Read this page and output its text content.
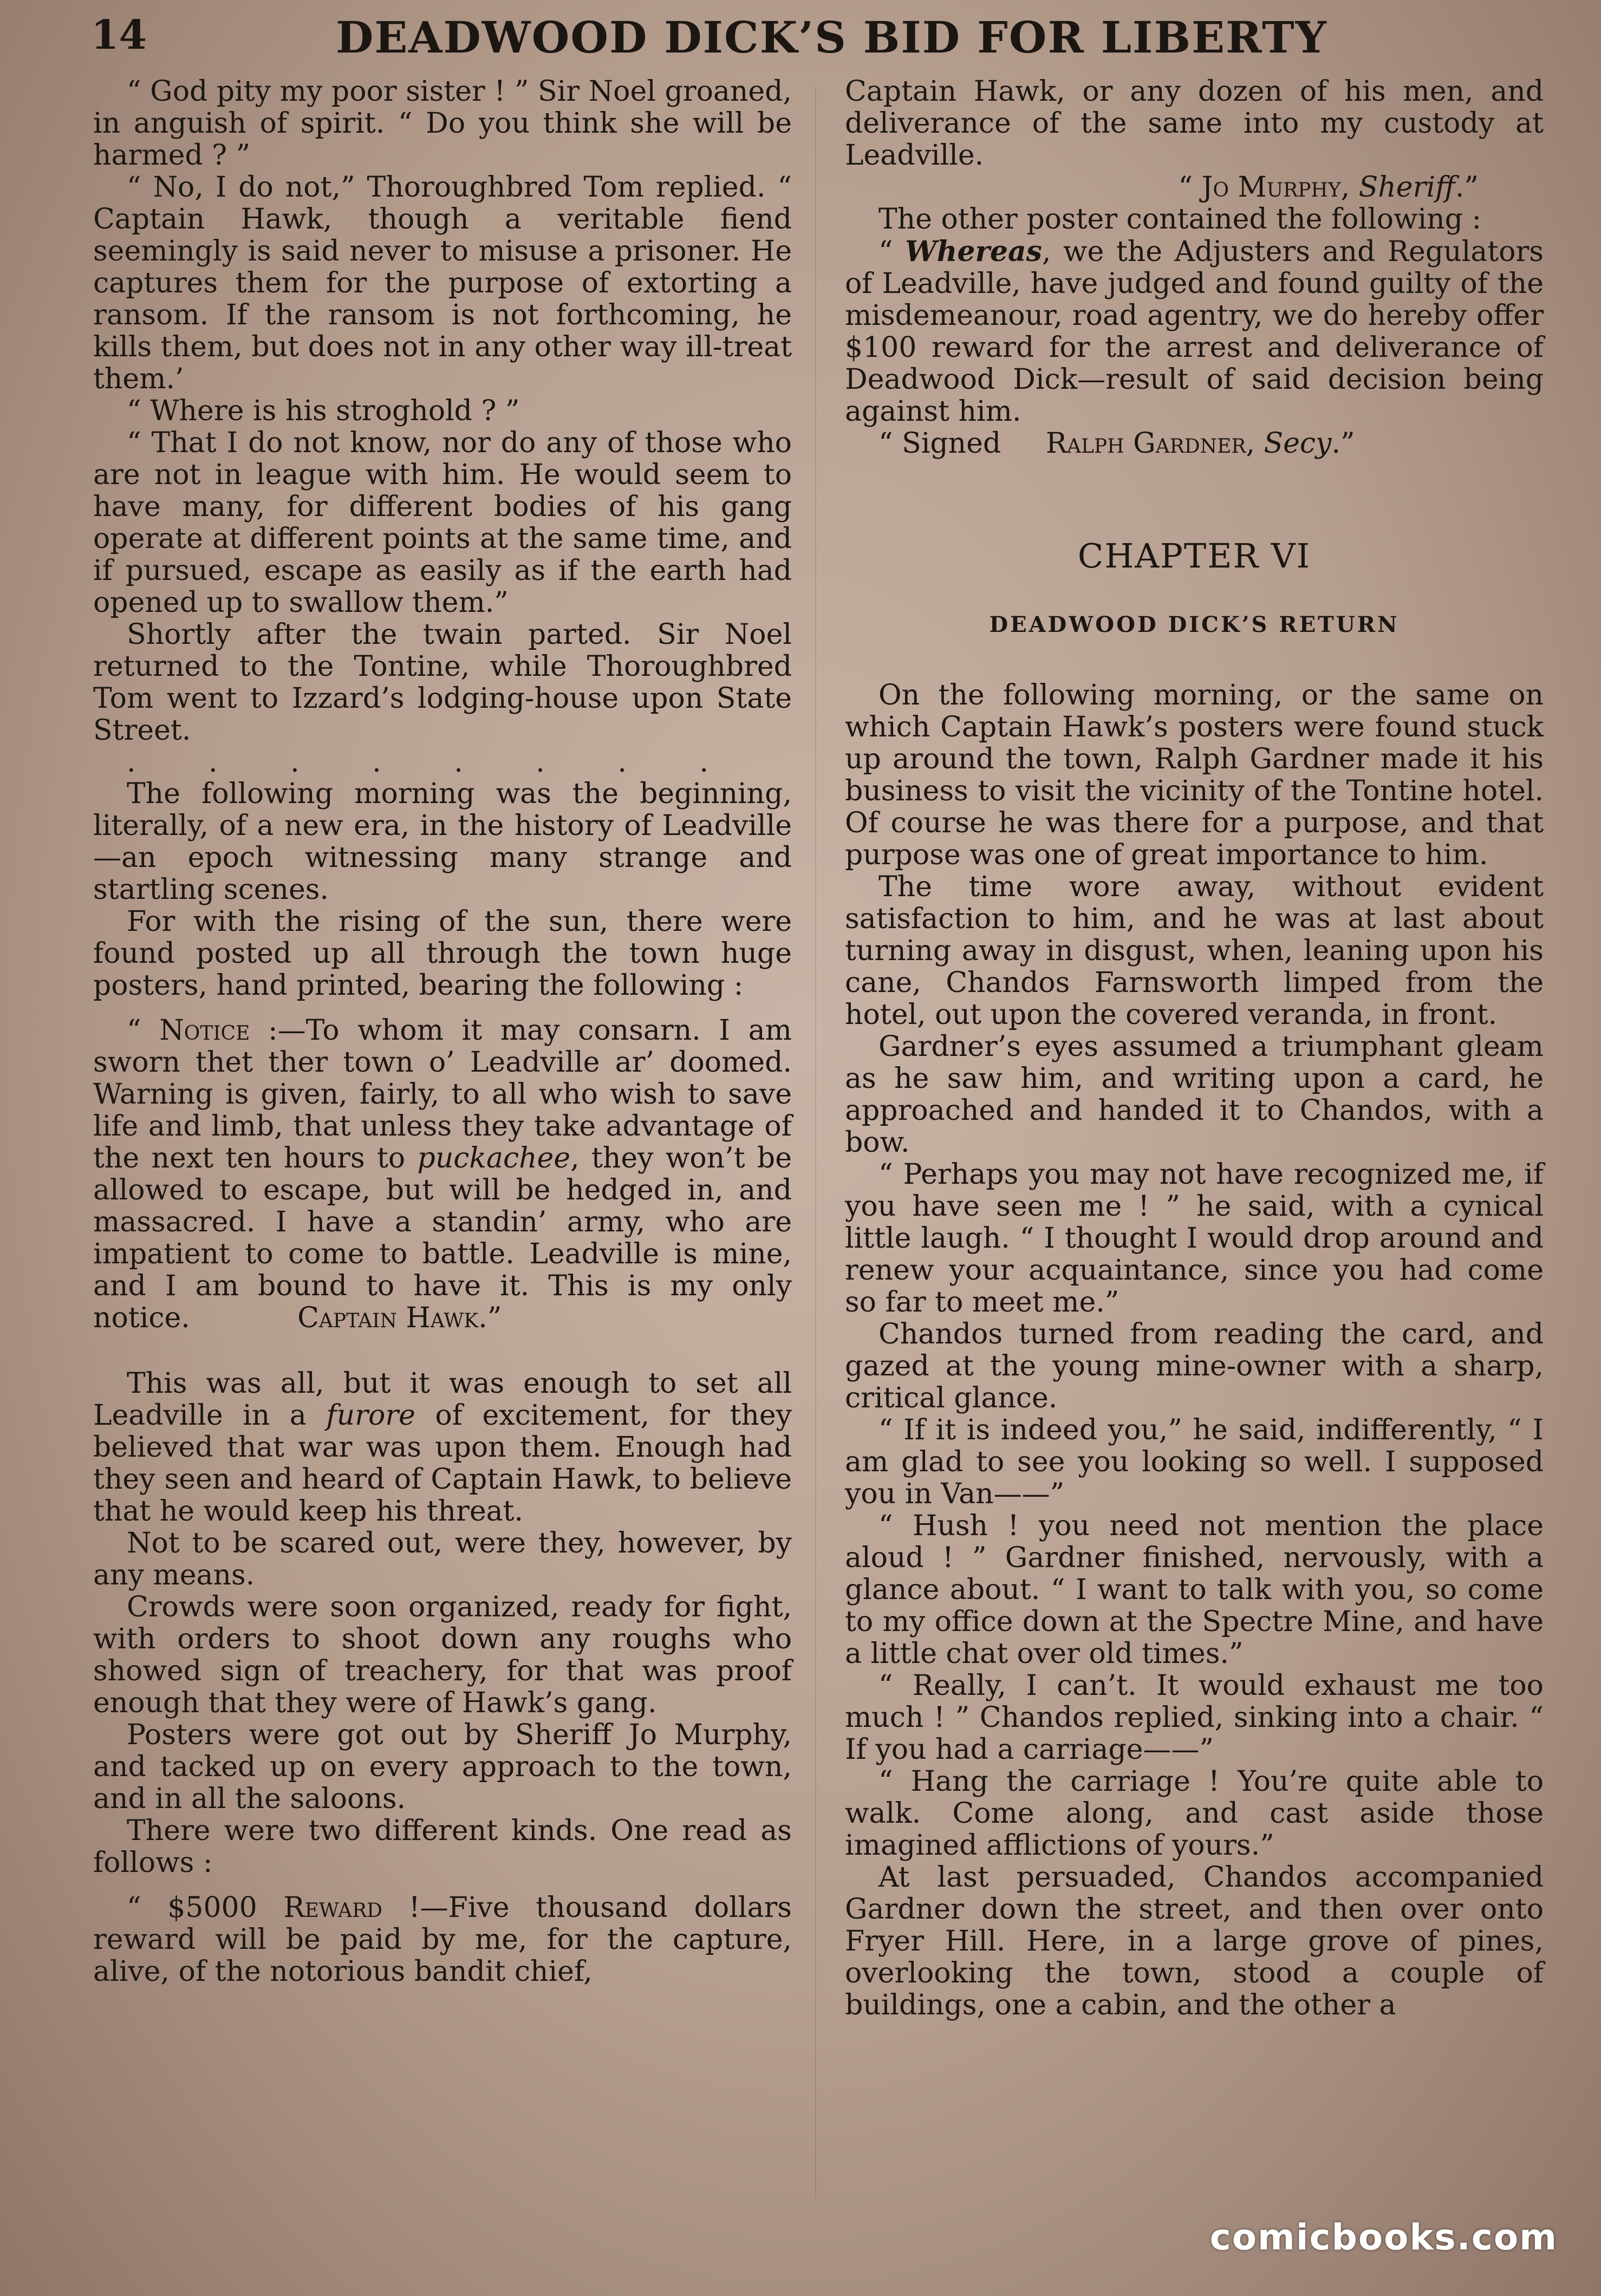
14	DEADWOOD DICK’S BID FOR LIBERTY

“ God pity my poor sister ! ” Sir Noel groaned, in anguish of spirit. “ Do you think she will be harmed ? ”

“ No, I do not,” Thoroughbred Tom replied. “ Captain Hawk, though a veritable fiend seemingly is said never to misuse a prisoner. He captures them for the purpose of extorting a ransom. If the ransom is not forthcoming, he kills them, but does not in any other way ill-treat them.’

“ Where is his stroghold ? ”

“ That I do not know, nor do any of those who are not in league with him. He would seem to have many, for different bodies of his gang operate at different points at the same time, and if pursued, escape as easily as if the earth had opened up to swallow them.”

Shortly after the twain parted. Sir Noel returned to the Tontine, while Thoroughbred Tom went to Izzard’s lodging-house upon State Street.

. . . . . . . .

The following morning was the beginning, literally, of a new era, in the history of Leadville—an epoch witnessing many strange and startling scenes.

For with the rising of the sun, there were found posted up all through the town huge posters, hand printed, bearing the following :

“ Notice :—To whom it may consarn. I am sworn thet ther town o’ Leadville ar’ doomed. Warning is given, fairly, to all who wish to save life and limb, that unless they take advantage of the next ten hours to puckachee, they won’t be allowed to escape, but will be hedged in, and massacred. I have a standin’ army, who are impatient to come to battle. Leadville is mine, and I am bound to have it. This is my only notice.	Captain Hawk.”

This was all, but it was enough to set all Leadville in a furore of excitement, for they believed that war was upon them. Enough had they seen and heard of Captain Hawk, to believe that he would keep his threat.

Not to be scared out, were they, however, by any means.

Crowds were soon organized, ready for fight, with orders to shoot down any roughs who showed sign of treachery, for that was proof enough that they were of Hawk’s gang.

Posters were got out by Sheriff Jo Murphy, and tacked up on every approach to the town, and in all the saloons.

There were two different kinds. One read as follows :

“ $5000 Reward !—Five thousand dollars reward will be paid by me, for the capture, alive, of the notorious bandit chief,

Captain Hawk, or any dozen of his men, and deliverance of the same into my custody at Leadville.

“ Jo Murphy, Sheriff.”

The other poster contained the following :

“ Whereas, we the Adjusters and Regulators of Leadville, have judged and found guilty of the misdemeanour, road agentry, we do hereby offer $100 reward for the arrest and deliverance of Deadwood Dick—result of said decision being against him.

“ Signed Ralph Gardner, Secy.”

CHAPTER VI
DEADWOOD DICK’S RETURN

On the following morning, or the same on which Captain Hawk’s posters were found stuck up around the town, Ralph Gardner made it his business to visit the vicinity of the Tontine hotel. Of course he was there for a purpose, and that purpose was one of great importance to him.

The time wore away, without evident satisfaction to him, and he was at last about turning away in disgust, when, leaning upon his cane, Chandos Farnsworth limped from the hotel, out upon the covered veranda, in front.

Gardner’s eyes assumed a triumphant gleam as he saw him, and writing upon a card, he approached and handed it to Chandos, with a bow.

“ Perhaps you may not have recognized me, if you have seen me ! ” he said, with a cynical little laugh. “ I thought I would drop around and renew your acquaintance, since you had come so far to meet me.”

Chandos turned from reading the card, and gazed at the young mine-owner with a sharp, critical glance.

“ If it is indeed you,” he said, indifferently, “ I am glad to see you looking so well. I supposed you in Van——”

“ Hush ! you need not mention the place aloud ! ” Gardner finished, nervously, with a glance about. “ I want to talk with you, so come to my office down at the Spectre Mine, and have a little chat over old times.”

“ Really, I can’t. It would exhaust me too much ! ” Chandos replied, sinking into a chair. “ If you had a carriage——”

“ Hang the carriage ! You’re quite able to walk. Come along, and cast aside those imagined afflictions of yours.”

At last persuaded, Chandos accompanied Gardner down the street, and then over onto Fryer Hill. Here, in a large grove of pines, overlooking the town, stood a couple of buildings, one a cabin, and the other a

comicbooks.com
